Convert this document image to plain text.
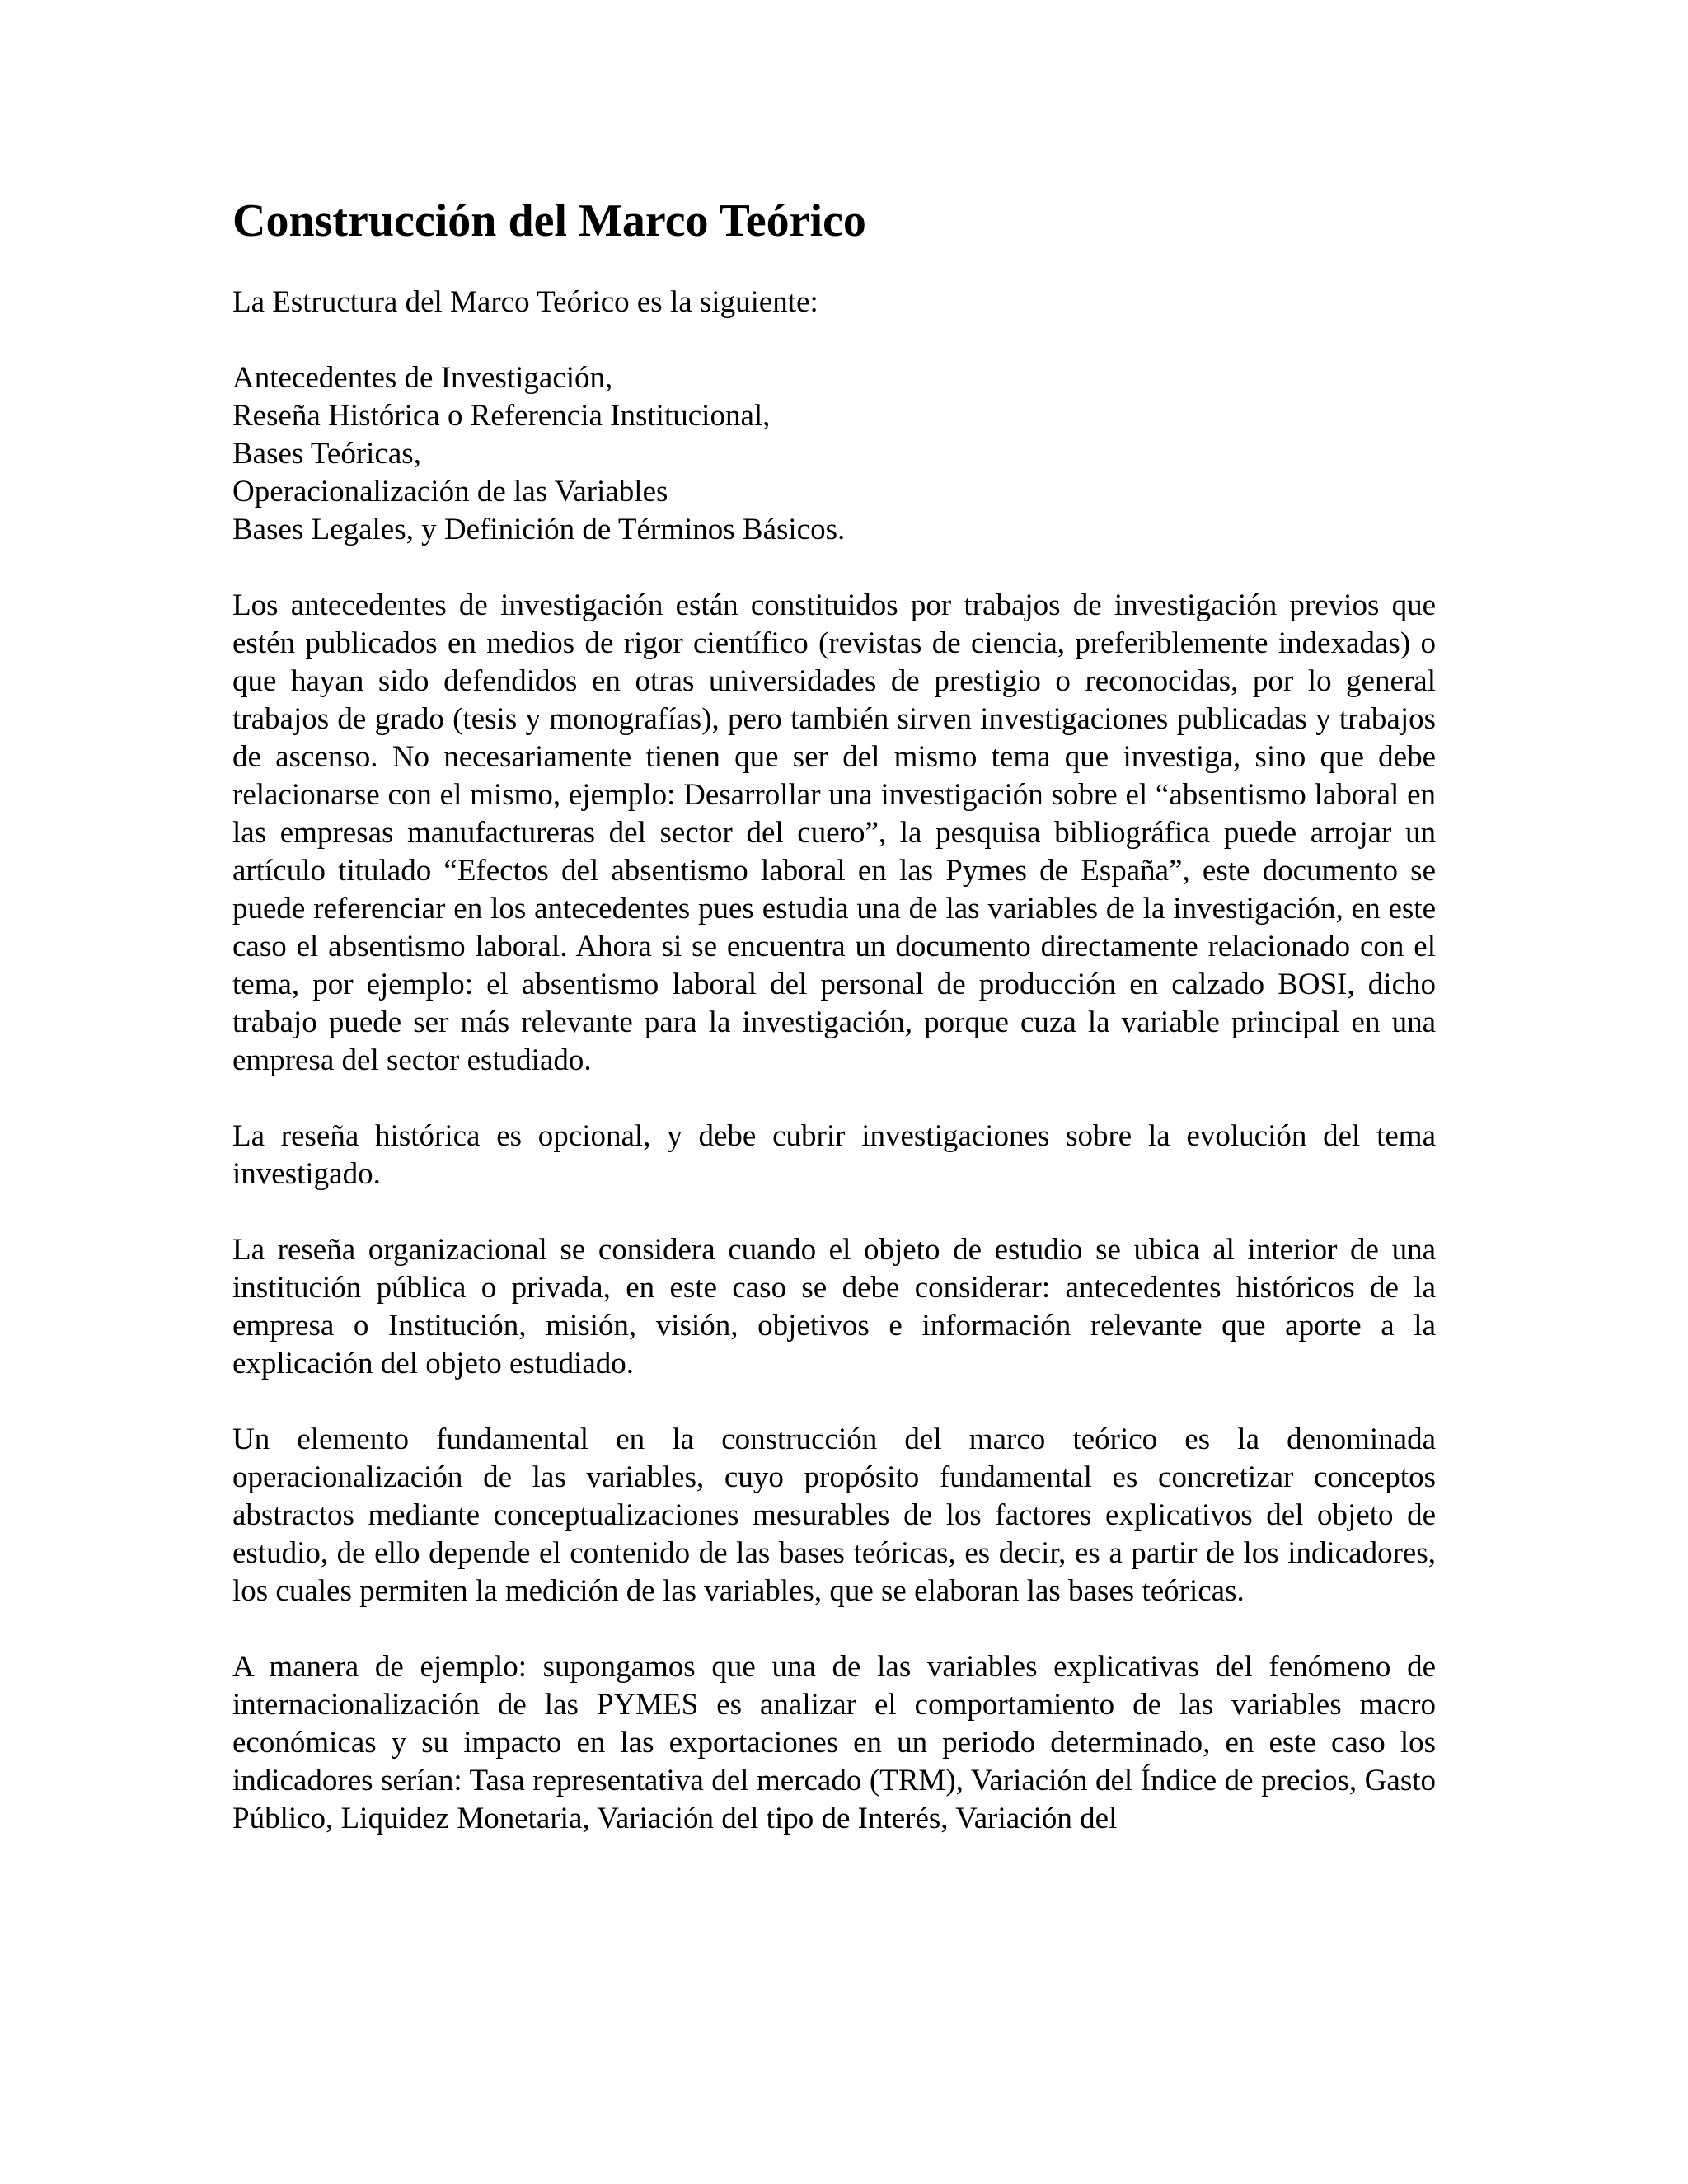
Construcción del Marco Teórico

La Estructura del Marco Teórico es la siguiente:

Antecedentes de Investigación,
Reseña Histórica o Referencia Institucional,
Bases Teóricas,
Operacionalización de las Variables
Bases Legales, y Definición de Términos Básicos.

Los antecedentes de investigación están constituidos por trabajos de investigación previos que estén publicados en medios de rigor científico (revistas de ciencia, preferiblemente indexadas) o que hayan sido defendidos en otras universidades de prestigio o reconocidas, por lo general trabajos de grado (tesis y monografías), pero también sirven investigaciones publicadas y trabajos de ascenso. No necesariamente tienen que ser del mismo tema que investiga, sino que debe relacionarse con el mismo, ejemplo: Desarrollar una investigación sobre el “absentismo laboral en las empresas manufactureras del sector del cuero”, la pesquisa bibliográfica puede arrojar un artículo titulado “Efectos del absentismo laboral en las Pymes de España”, este documento se puede referenciar en los antecedentes pues estudia una de las variables de la investigación, en este caso el absentismo laboral. Ahora si se encuentra un documento directamente relacionado con el tema, por ejemplo: el absentismo laboral del personal de producción en calzado BOSI, dicho trabajo puede ser más relevante para la investigación, porque cuza la variable principal en una empresa del sector estudiado.

La reseña histórica es opcional, y debe cubrir investigaciones sobre la evolución del tema investigado.

La reseña organizacional se considera cuando el objeto de estudio se ubica al interior de una institución pública o privada, en este caso se debe considerar: antecedentes históricos de la empresa o Institución, misión, visión, objetivos e información relevante que aporte a la explicación del objeto estudiado.

Un elemento fundamental en la construcción del marco teórico es la denominada operacionalización de las variables, cuyo propósito fundamental es concretizar conceptos abstractos mediante conceptualizaciones mesurables de los factores explicativos del objeto de estudio, de ello depende el contenido de las bases teóricas, es decir, es a partir de los indicadores, los cuales permiten la medición de las variables, que se elaboran las bases teóricas.

A manera de ejemplo: supongamos que una de las variables explicativas del fenómeno de internacionalización de las PYMES es analizar el comportamiento de las variables macro económicas y su impacto en las exportaciones en un periodo determinado, en este caso los indicadores serían: Tasa representativa del mercado (TRM), Variación del Índice de precios, Gasto Público, Liquidez Monetaria, Variación del tipo de Interés, Variación del
